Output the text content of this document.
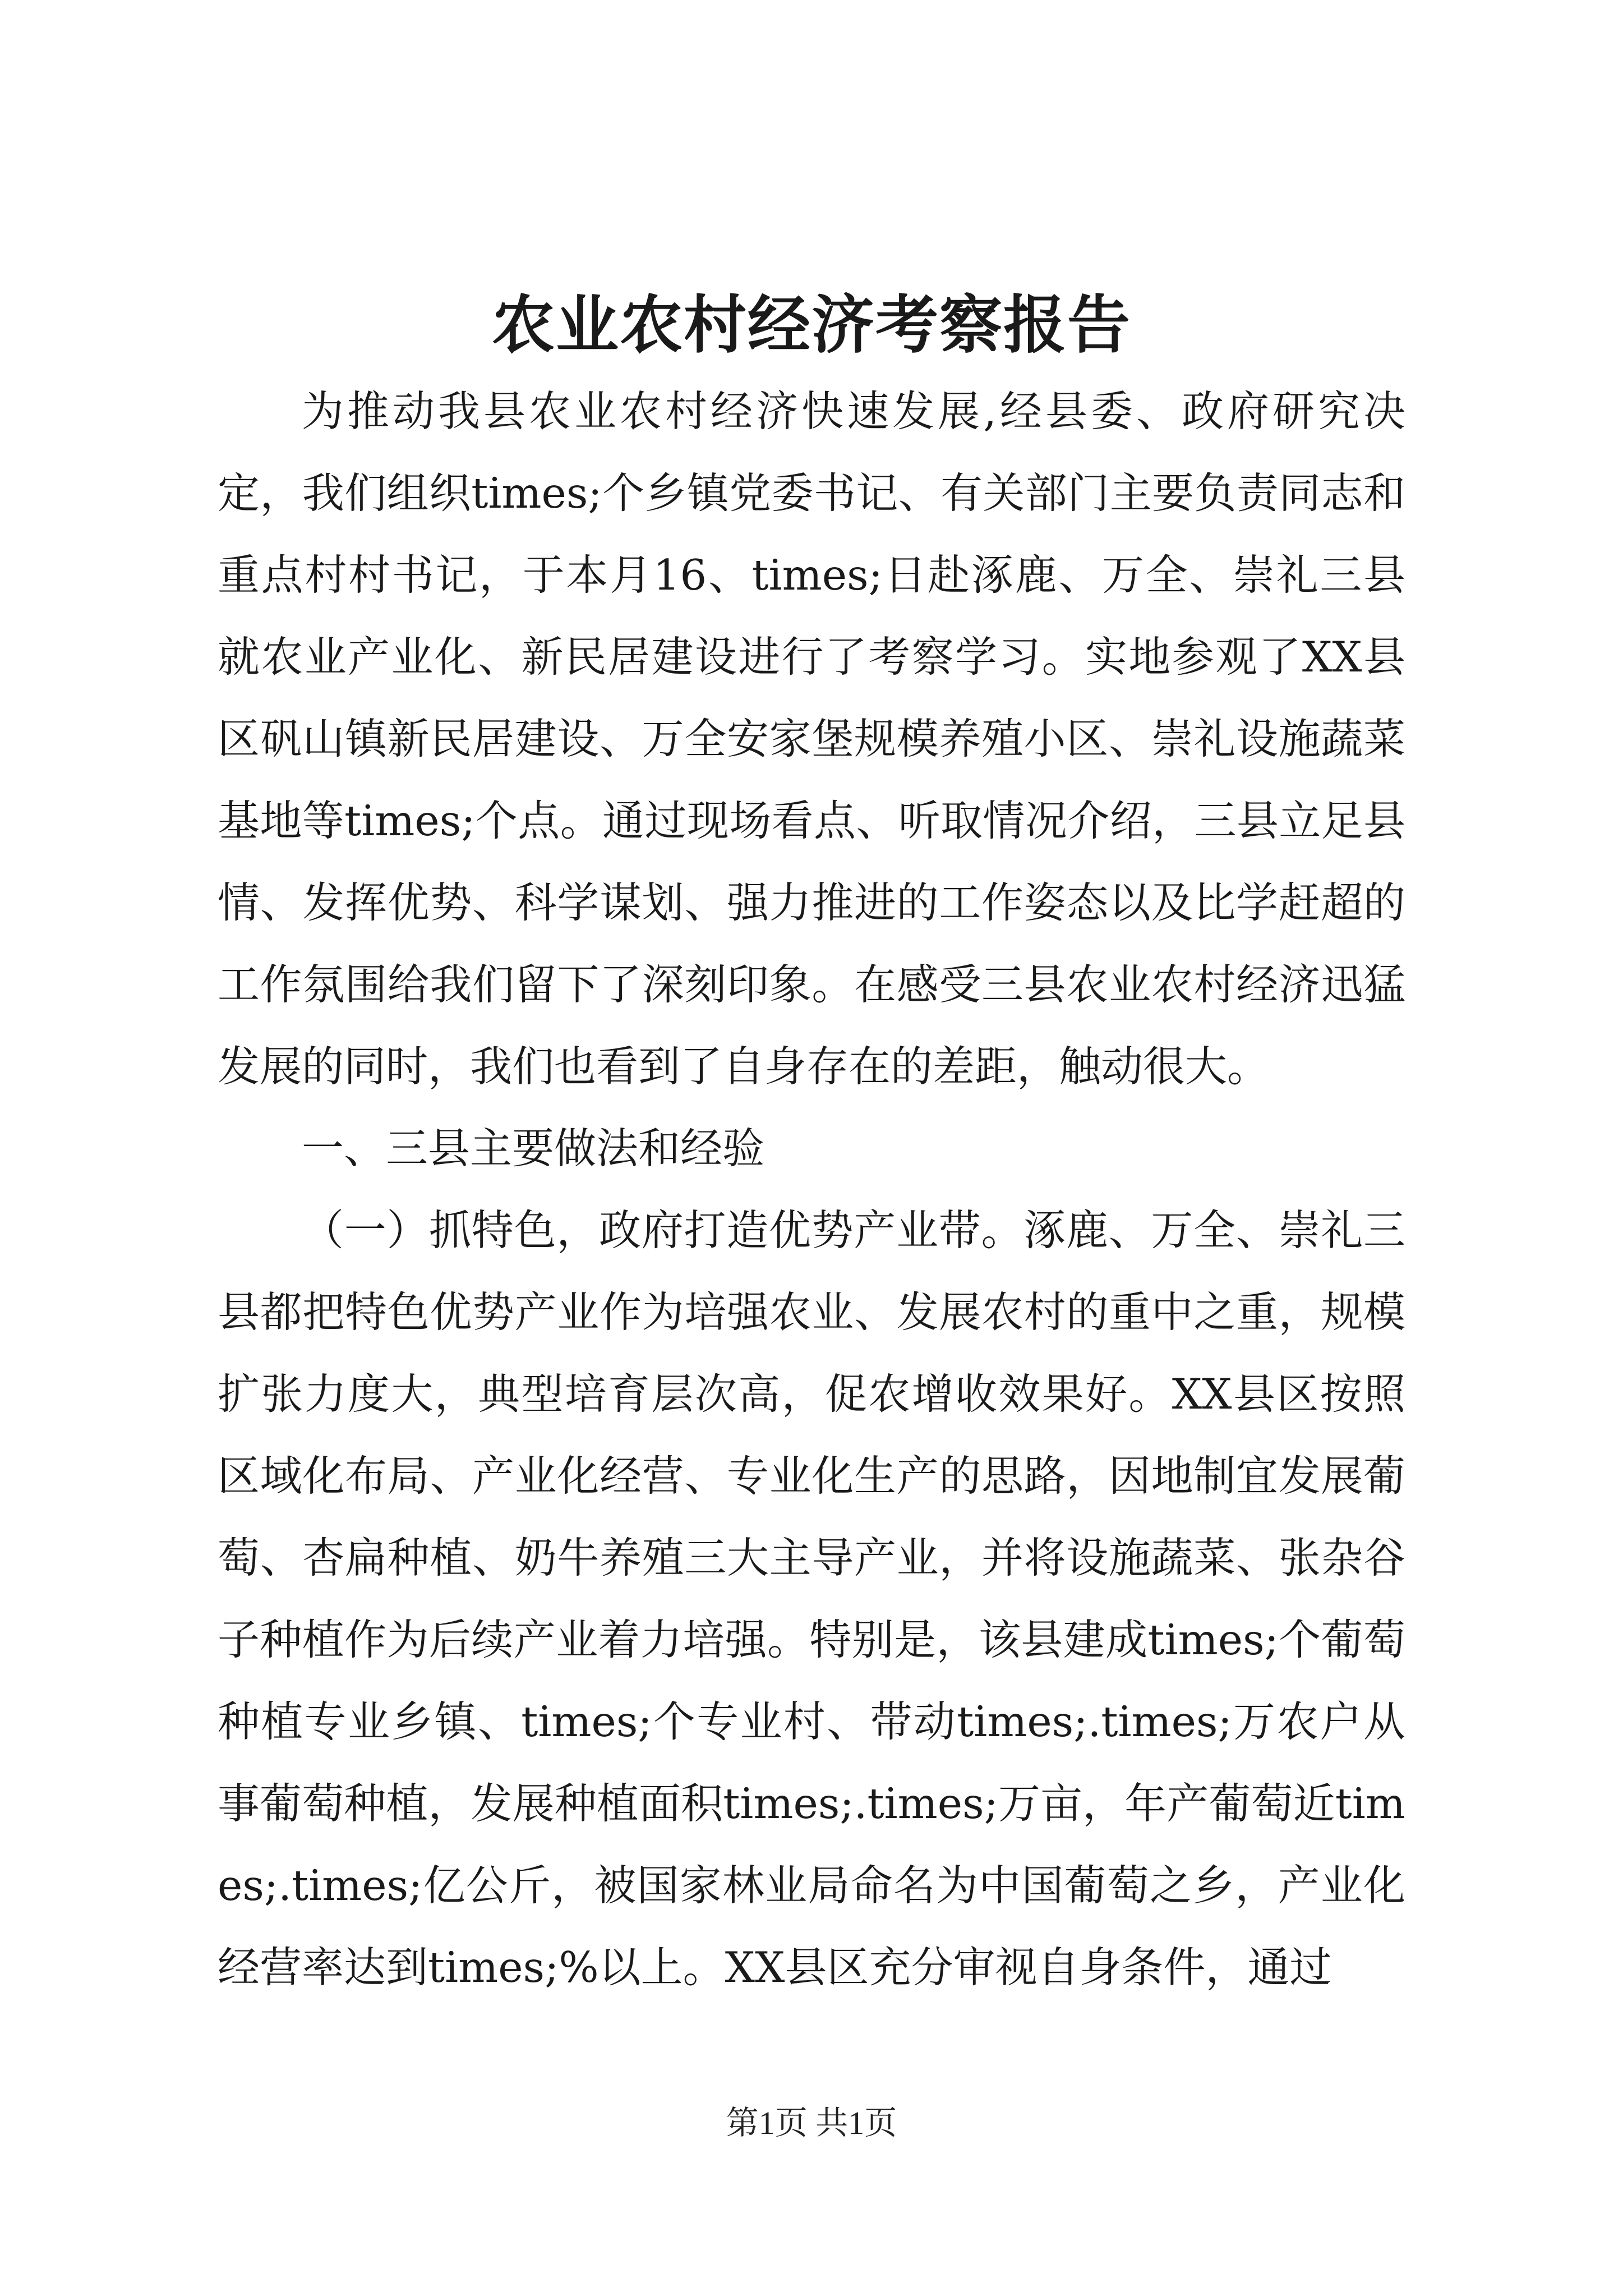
农业农村经济考察报告

为推动我县农业农村经济快速发展,经县委、政府研究决定，我们组织times;个乡镇党委书记、有关部门主要负责同志和重点村村书记，于本月16、times;日赴涿鹿、万全、崇礼三县就农业产业化、新民居建设进行了考察学习。实地参观了XX县区矾山镇新民居建设、万全安家堡规模养殖小区、崇礼设施蔬菜基地等times;个点。通过现场看点、听取情况介绍，三县立足县情、发挥优势、科学谋划、强力推进的工作姿态以及比学赶超的工作氛围给我们留下了深刻印象。在感受三县农业农村经济迅猛发展的同时，我们也看到了自身存在的差距，触动很大。

一、三县主要做法和经验

（一）抓特色，政府打造优势产业带。涿鹿、万全、崇礼三县都把特色优势产业作为培强农业、发展农村的重中之重，规模扩张力度大，典型培育层次高，促农增收效果好。XX县区按照区域化布局、产业化经营、专业化生产的思路，因地制宜发展葡萄、杏扁种植、奶牛养殖三大主导产业，并将设施蔬菜、张杂谷子种植作为后续产业着力培强。特别是，该县建成times;个葡萄种植专业乡镇、times;个专业村、带动times;.times;万农户从事葡萄种植，发展种植面积times;.times;万亩，年产葡萄近times;.times;亿公斤，被国家林业局命名为中国葡萄之乡，产业化经营率达到times;%以上。XX县区充分审视自身条件，通过

第1页 共1页
